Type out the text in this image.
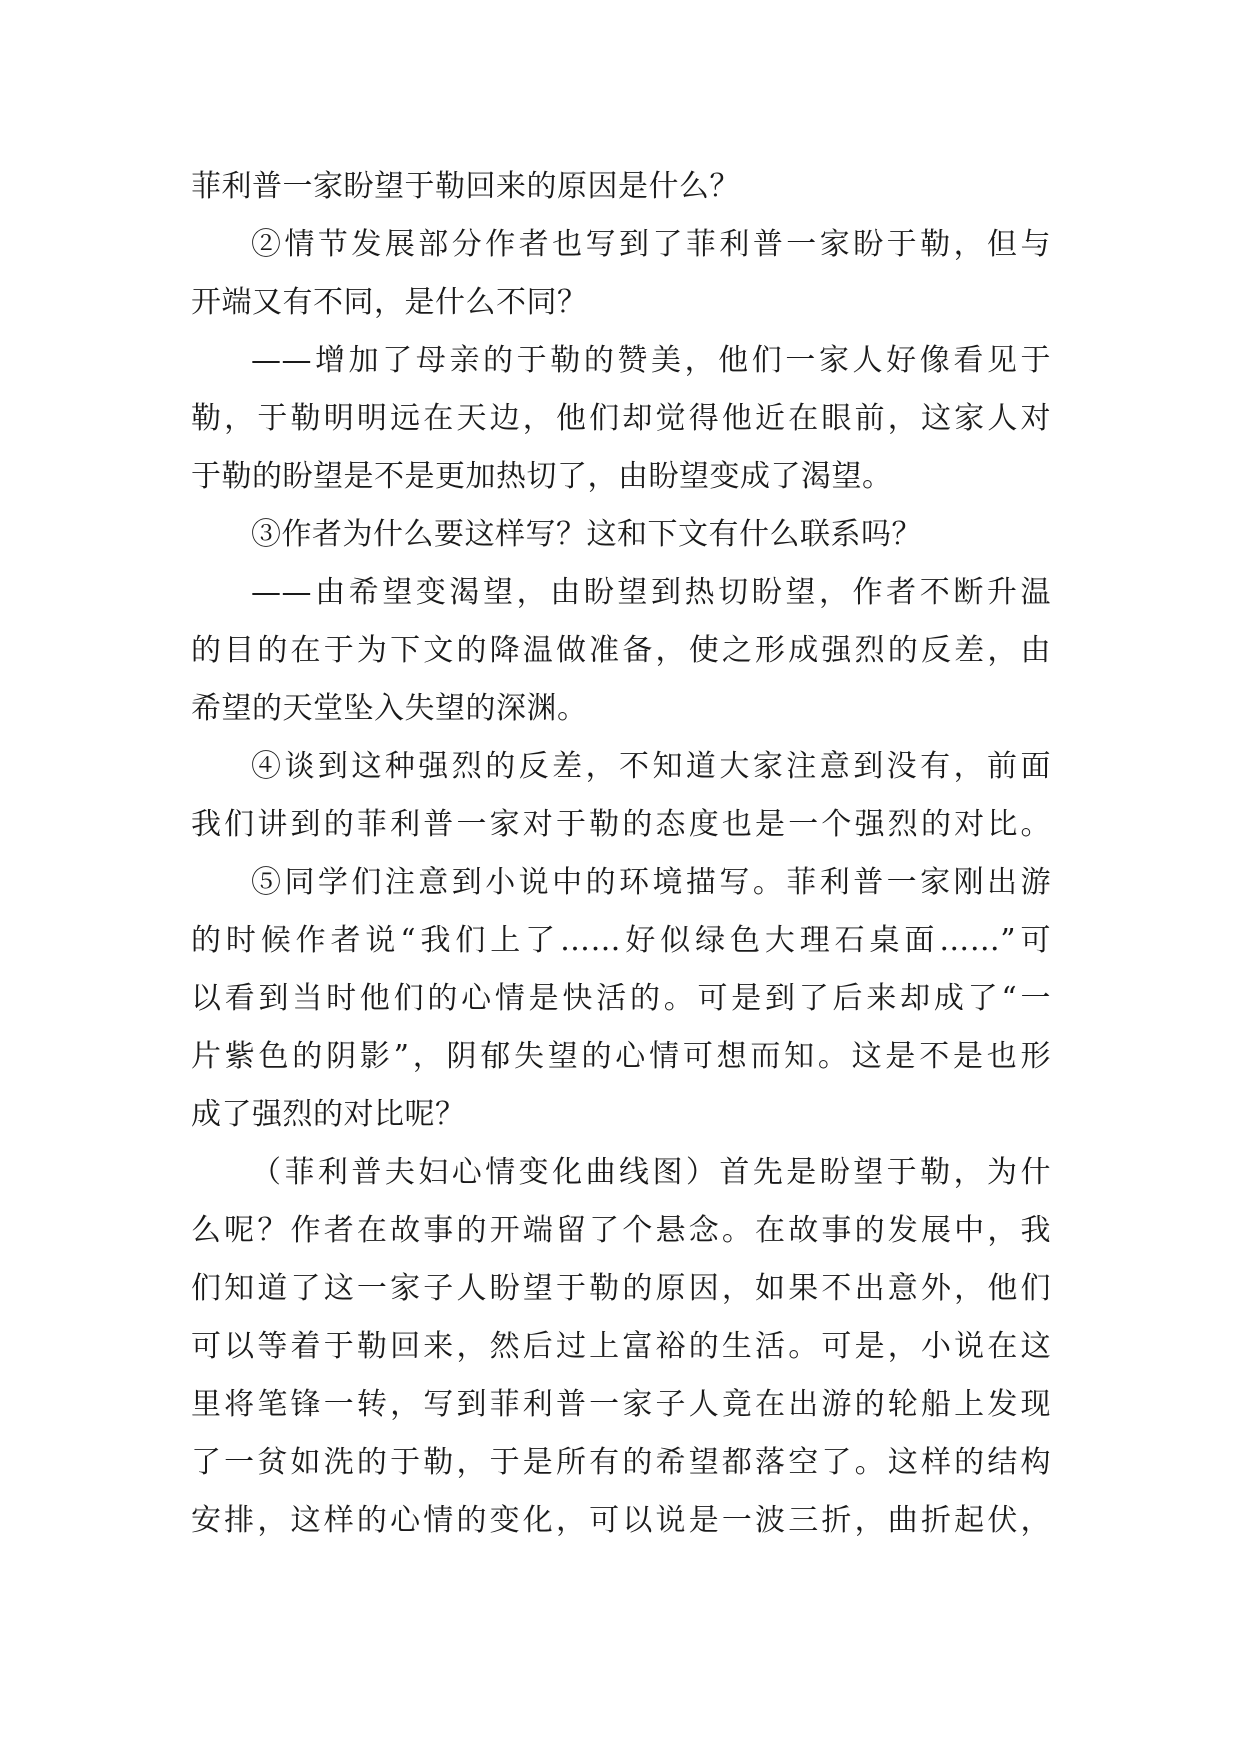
菲利普一家盼望于勒回来的原因是什么？
②情节发展部分作者也写到了菲利普一家盼于勒，但与
开端又有不同，是什么不同？
——增加了母亲的于勒的赞美，他们一家人好像看见于
勒，于勒明明远在天边，他们却觉得他近在眼前，这家人对
于勒的盼望是不是更加热切了，由盼望变成了渴望。
③作者为什么要这样写？这和下文有什么联系吗？
——由希望变渴望，由盼望到热切盼望，作者不断升温
的目的在于为下文的降温做准备，使之形成强烈的反差，由
希望的天堂坠入失望的深渊。
④谈到这种强烈的反差，不知道大家注意到没有，前面
我们讲到的菲利普一家对于勒的态度也是一个强烈的对比。
⑤同学们注意到小说中的环境描写。菲利普一家刚出游
的时候作者说“我们上了……好似绿色大理石桌面……”可
以看到当时他们的心情是快活的。可是到了后来却成了“一
片紫色的阴影”，阴郁失望的心情可想而知。这是不是也形
成了强烈的对比呢？
（菲利普夫妇心情变化曲线图）首先是盼望于勒，为什
么呢？作者在故事的开端留了个悬念。在故事的发展中，我
们知道了这一家子人盼望于勒的原因，如果不出意外，他们
可以等着于勒回来，然后过上富裕的生活。可是，小说在这
里将笔锋一转，写到菲利普一家子人竟在出游的轮船上发现
了一贫如洗的于勒，于是所有的希望都落空了。这样的结构
安排，这样的心情的变化，可以说是一波三折，曲折起伏，
